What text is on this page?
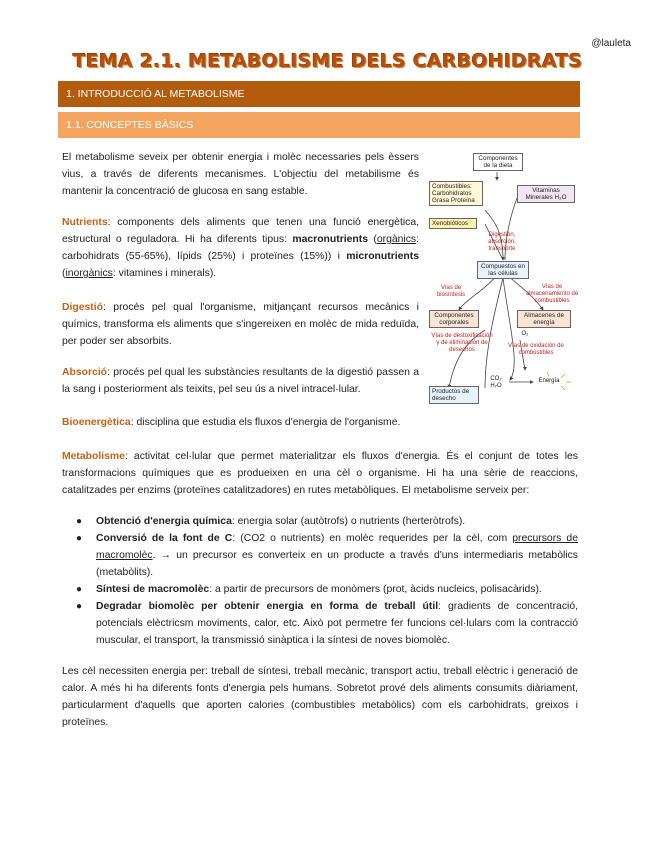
@lauleta
TEMA 2.1. METABOLISME DELS CARBOHIDRATS
1. INTRODUCCIÓ AL METABOLISME
1.1. CONCEPTES BÀSICS

El metabolisme seveix per obtenir energia i molèc necessaries pels èssers vius, a través de diferents mecanismes. L'objectiu del metabilisme és mantenir la concentració de glucosa en sang estable.

Nutrients: components dels aliments que tenen una funció energètica, estructural o reguladora. Hi ha diferents tipus: macronutrients (orgànics: carbohidrats (55-65%), lípids (25%) i proteïnes (15%)) i micronutrients (inorgànics: vitamines i minerals).

Digestió: procés pel qual l'organisme, mitjançant recursos mecànics i químics, transforma els aliments que s'ingereixen en molèc de mida reduïda, per poder ser absorbits.

Absorció: procés pel qual les substàncies resultants de la digestió passen a la sang i posteriorment als teixits, pel seu ús a nivel intracel·lular.

Bioenergètica: disciplina que estudia els fluxos d'energia de l'organisme.

Metabolisme: activitat cel·lular que permet materialitzar els fluxos d'energia. És el conjunt de totes les transformacions químiques que es produeixen en una cèl o organisme. Hi ha una sèrie de reaccions, catalitzades per enzims (proteïnes catalitzadores) en rutes metabòliques. El metabolisme serveix per:

● Obtenció d'energia química: energia solar (autòtrofs) o nutrients (herteròtrofs).
● Conversió de la font de C: (CO2 o nutrients) en molèc requerides per la cèl, com precursors de macromolèc. → un precursor es converteix en un producte a través d'uns intermediaris metabòlics (metabòlits).
● Síntesi de macromolèc: a partir de precursors de monòmers (prot, àcids nucleics, polisacàrids).
● Degradar biomolèc per obtenir energia en forma de treball útil: gradients de concentració, potencials elèctricsm moviments, calor, etc. Això pot permetre fer funcions cel·lulars com la contracció muscular, el transport, la transmissió sinàptica i la síntesi de noves biomolèc.

Les cèl necessiten energia per: treball de síntesi, treball mecànic, transport actiu, treball elèctric i generació de calor. A més hi ha diferents fonts d'energia pels humans. Sobretot prové dels aliments consumits diàriament, particularment d'aquells que aporten calories (combustibles metabòlics) com els carbohidrats, greixos i proteïnes.

Componentes de la dieta
Combustibles: Carbohidratos Grasa Proteína
Vitaminas Minerales H₂O
Xenobióticos
Digestión, absorción, transporte
Compuestos en las células
Vías de biosíntesis
Vías de almacenamiento de combustibles
Componentes corporales
Almacenes de energía
Vías de destoxificación y de eliminación de desechos
O₂
Vías de oxidación de combustibles
CO₂
H₂O
Energía
Productos de desecho
